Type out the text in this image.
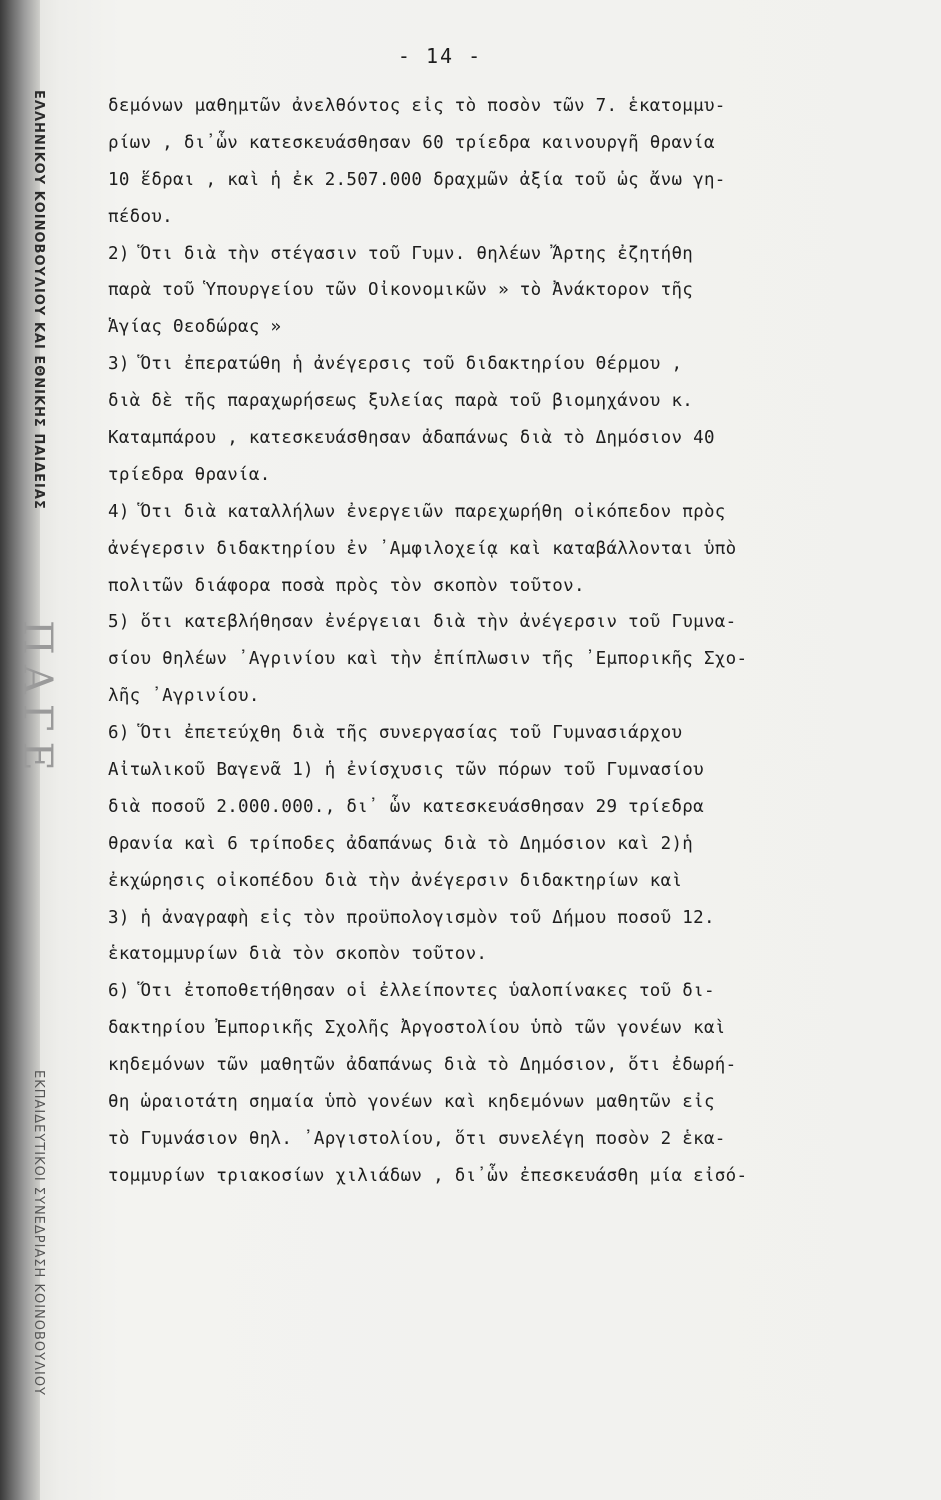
ΕΛΛΗΝΙΚΟΥ ΚΟΙΝΟΒΟΥΛΙΟΥ ΚΑΙ ΕΘΝΙΚΗΣ ΠΑΙΔΕΙΑΣ
ΕΚΠΑΙΔΕΥΤΙΚΟΙ ΣΥΝΕΔΡΙΑΣΗ ΚΟΙΝΟΒΟΥΛΙΟΥ
ΠΑΓΕ
- 14 -
δεμόνων μαθημτῶν ἀνελθόντος εἰς τὸ ποσὸν τῶν 7. ἑκατομμυ-
ρίων , δι᾿ὧν κατεσκευάσθησαν 60 τρίεδρα καινουργῆ θρανία
10 ἕδραι , καὶ ἡ ἐκ 2.507.000 δραχμῶν ἀξία τοῦ ὡς ἄνω γη-
πέδου.
2) Ὅτι διὰ τὴν στέγασιν τοῦ Γυμν. θηλέων Ἄρτης ἐζητήθη
παρὰ τοῦ Ὑπουργείου τῶν Οἰκονομικῶν » τὸ Ἀνάκτορον τῆς
Ἁγίας Θεοδώρας »
3) Ὅτι ἐπερατώθη ἡ ἀνέγερσις τοῦ διδακτηρίου Θέρμου ,
διὰ δὲ τῆς παραχωρήσεως ξυλείας παρὰ τοῦ βιομηχάνου κ.
Καταμπάρου , κατεσκευάσθησαν ἀδαπάνως διὰ τὸ Δημόσιον 40
τρίεδρα θρανία.
4) Ὅτι διὰ καταλλήλων ἐνεργειῶν παρεχωρήθη οἰκόπεδον πρὸς
ἀνέγερσιν διδακτηρίου ἐν ᾿Αμφιλοχείᾳ καὶ καταβάλλονται ὑπὸ
πολιτῶν διάφορα ποσὰ πρὸς τὸν σκοπὸν τοῦτον.
5) ὅτι κατεβλήθησαν ἐνέργειαι διὰ τὴν ἀνέγερσιν τοῦ Γυμνα-
σίου θηλέων ᾿Αγρινίου καὶ τὴν ἐπίπλωσιν τῆς ᾿Εμπορικῆς Σχο-
λῆς ᾿Αγρινίου.
6) Ὅτι ἐπετεύχθη διὰ τῆς συνεργασίας τοῦ Γυμνασιάρχου
Αἰτωλικοῦ Βαγενᾶ 1) ἡ ἐνίσχυσις τῶν πόρων τοῦ Γυμνασίου
διὰ ποσοῦ 2.000.000., δι᾿ ὧν κατεσκευάσθησαν 29 τρίεδρα
θρανία καὶ 6 τρίποδες ἀδαπάνως διὰ τὸ Δημόσιον καὶ 2)ἡ
ἐκχώρησις οἰκοπέδου διὰ τὴν ἀνέγερσιν διδακτηρίων καὶ
3) ἡ ἀναγραφὴ εἰς τὸν προϋπολογισμὸν τοῦ Δήμου ποσοῦ 12.
ἑκατομμυρίων διὰ τὸν σκοπὸν τοῦτον.
6) Ὅτι ἐτοποθετήθησαν οἱ ἐλλείποντες ὑαλοπίνακες τοῦ δι-
δακτηρίου Ἐμπορικῆς Σχολῆς Ἀργοστολίου ὑπὸ τῶν γονέων καὶ
κηδεμόνων τῶν μαθητῶν ἀδαπάνως διὰ τὸ Δημόσιον, ὅτι ἐδωρή-
θη ὡραιοτάτη σημαία ὑπὸ γονέων καὶ κηδεμόνων μαθητῶν εἰς
τὸ Γυμνάσιον θηλ. ᾿Αργιστολίου, ὅτι συνελέγη ποσὸν 2 ἑκα-
τομμυρίων τριακοσίων χιλιάδων , δι᾿ὧν ἐπεσκευάσθη μία εἰσό-
